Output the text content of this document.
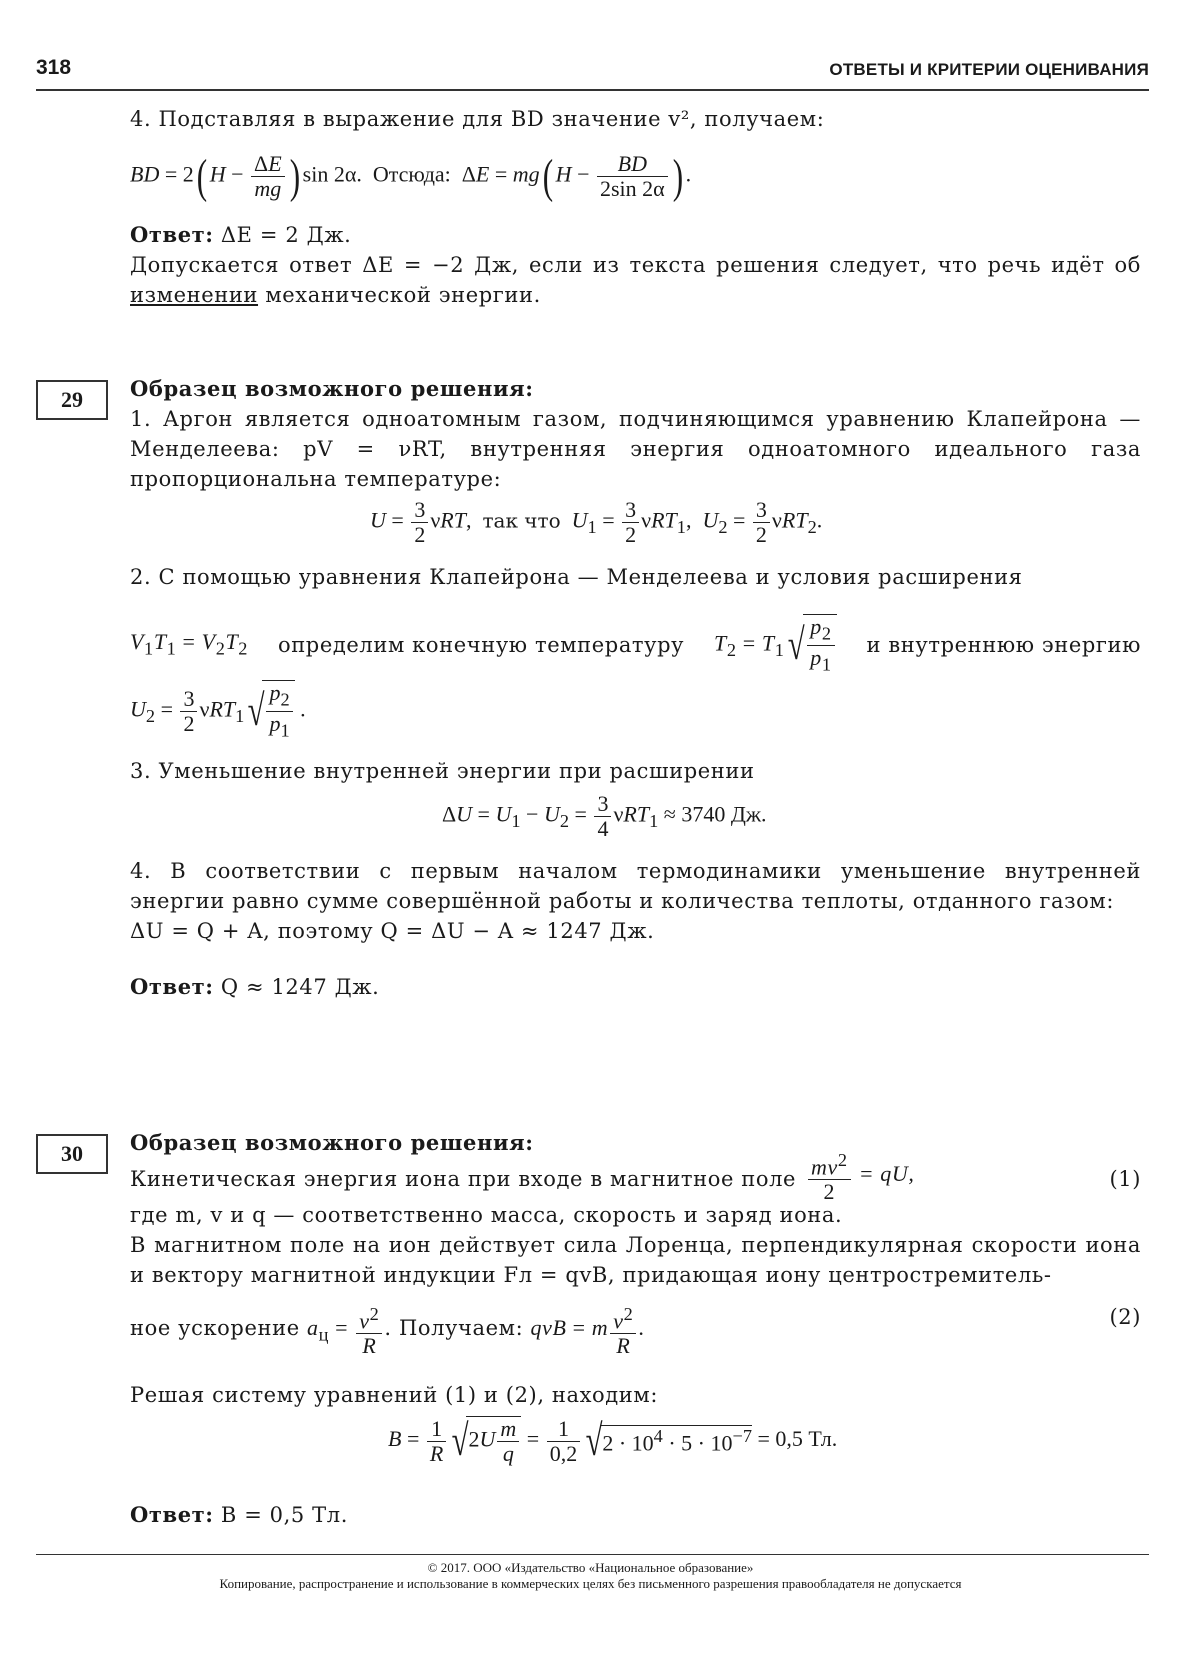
318	ОТВЕТЫ И КРИТЕРИИ ОЦЕНИВАНИЯ
4. Подставляя в выражение для BD значение v², получаем:
BD = 2( $H - \frac{\Delta E}{mg}$ ) sin 2α.  Отсюда:  ΔE = mg( $H - \frac{BD}{2\sin 2\alpha}$ ) .
Ответ: ΔE = 2 Дж.
Допускается ответ ΔE = −2 Дж, если из текста решения следует, что речь идёт об изменении механической энергии.
29	Образец возможного решения:
1. Аргон является одноатомным газом, подчиняющимся уравнению Клапейрона — Менделеева: pV = νRT, внутренняя энергия одноатомного идеального газа пропорциональна температуре:
$U = \frac{3}{2} \nu RT$,  так что $U_1 = \frac{3}{2} \nu RT_1$,  $U_2 = \frac{3}{2} \nu RT_2$.
2. С помощью уравнения Клапейрона — Менделеева и условия расширения
$V_1T_1 = V_2T_2$ определим конечную температуру $T_2 = T_1√ \frac{p_2}{p_1}$ и внутреннюю энергию
$U_2 = \frac{3}{2} \nu RT_1√ \frac{p_2}{p_1}$ .
3. Уменьшение внутренней энергии при расширении
$\Delta U = U_1 - U_2 = \frac{3}{4} \nu RT_1 \approx 3740$ Дж.
4. В соответствии с первым началом термодинамики уменьшение внутренней энергии равно сумме совершённой работы и количества теплоты, отданного газом:
ΔU = Q + A, поэтому Q = ΔU − A ≈ 1247 Дж.
Ответ: Q ≈ 1247 Дж.
30	Образец возможного решения:
Кинетическая энергия иона при входе в магнитное поле $\frac{mv^2}{2}$ = qU,	(1)
где m, v и q — соответственно масса, скорость и заряд иона.
В магнитном поле на ион действует сила Лоренца, перпендикулярная скорости иона и вектору магнитной индукции Fл = qvB, придающая иону центростремитель-
ное ускорение $a_ц = \frac{v^2}{R}$ . Получаем: qvB = m $\frac{v^2}{R}$ .	(2)
Решая систему уравнений (1) и (2), находим:
$B = \frac{1}{R} √2U \frac{m}{q} = \frac{1}{0,2} √2 \cdot 10^4 \cdot 5 \cdot 10^{-7} = 0,5$ Тл.
Ответ: B = 0,5 Тл.
© 2017. ООО «Издательство «Национальное образование»
Копирование, распространение и использование в коммерческих целях без письменного разрешения правообладателя не допускается
